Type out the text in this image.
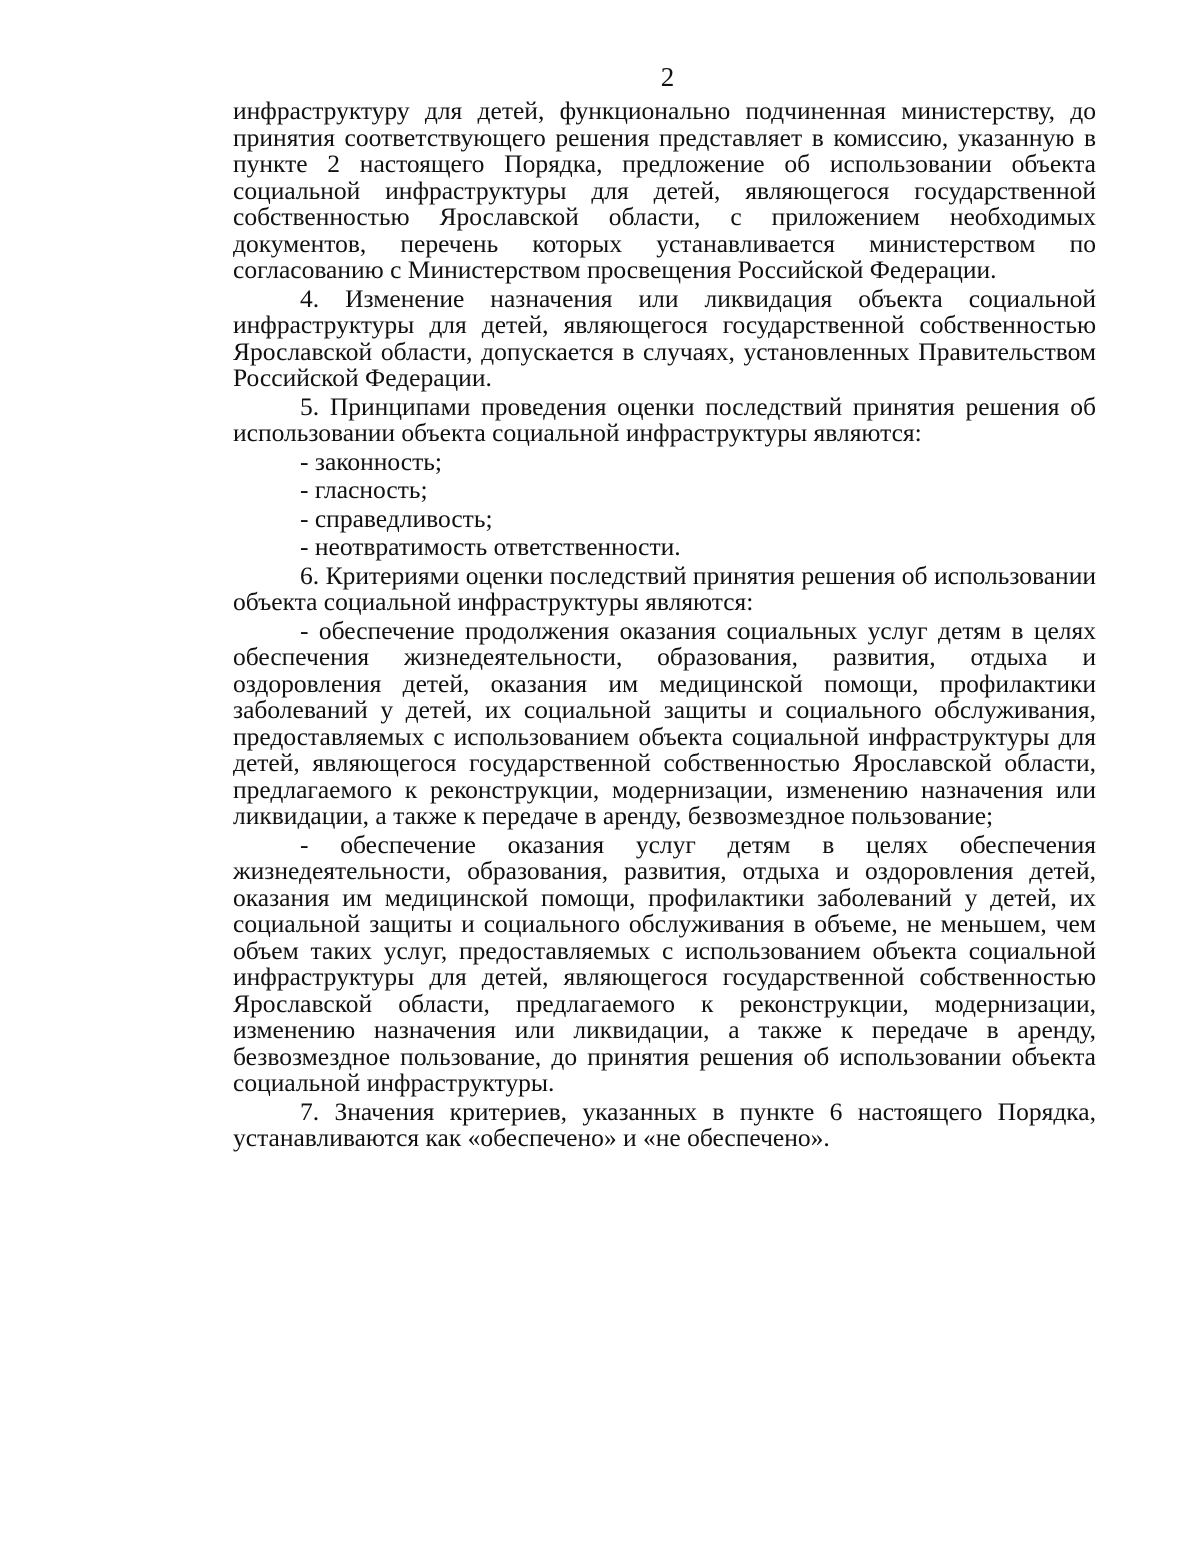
2

инфраструктуру для детей, функционально подчиненная министерству, до принятия соответствующего решения представляет в комиссию, указанную в пункте 2 настоящего Порядка, предложение об использовании объекта социальной инфраструктуры для детей, являющегося государственной собственностью Ярославской области, с приложением необходимых документов, перечень которых устанавливается министерством по согласованию с Министерством просвещения Российской Федерации.

4. Изменение назначения или ликвидация объекта социальной инфраструктуры для детей, являющегося государственной собственностью Ярославской области, допускается в случаях, установленных Правительством Российской Федерации.

5. Принципами проведения оценки последствий принятия решения об использовании объекта социальной инфраструктуры являются:

- законность;

- гласность;

- справедливость;

- неотвратимость ответственности.

6. Критериями оценки последствий принятия решения об использовании объекта социальной инфраструктуры являются:

- обеспечение продолжения оказания социальных услуг детям в целях обеспечения жизнедеятельности, образования, развития, отдыха и оздоровления детей, оказания им медицинской помощи, профилактики заболеваний у детей, их социальной защиты и социального обслуживания, предоставляемых с использованием объекта социальной инфраструктуры для детей, являющегося государственной собственностью Ярославской области, предлагаемого к реконструкции, модернизации, изменению назначения или ликвидации, а также к передаче в аренду, безвозмездное пользование;

- обеспечение оказания услуг детям в целях обеспечения жизнедеятельности, образования, развития, отдыха и оздоровления детей, оказания им медицинской помощи, профилактики заболеваний у детей, их социальной защиты и социального обслуживания в объеме, не меньшем, чем объем таких услуг, предоставляемых с использованием объекта социальной инфраструктуры для детей, являющегося государственной собственностью Ярославской области, предлагаемого к реконструкции, модернизации, изменению назначения или ликвидации, а также к передаче в аренду, безвозмездное пользование, до принятия решения об использовании объекта социальной инфраструктуры.

7. Значения критериев, указанных в пункте 6 настоящего Порядка, устанавливаются как «обеспечено» и «не обеспечено».
